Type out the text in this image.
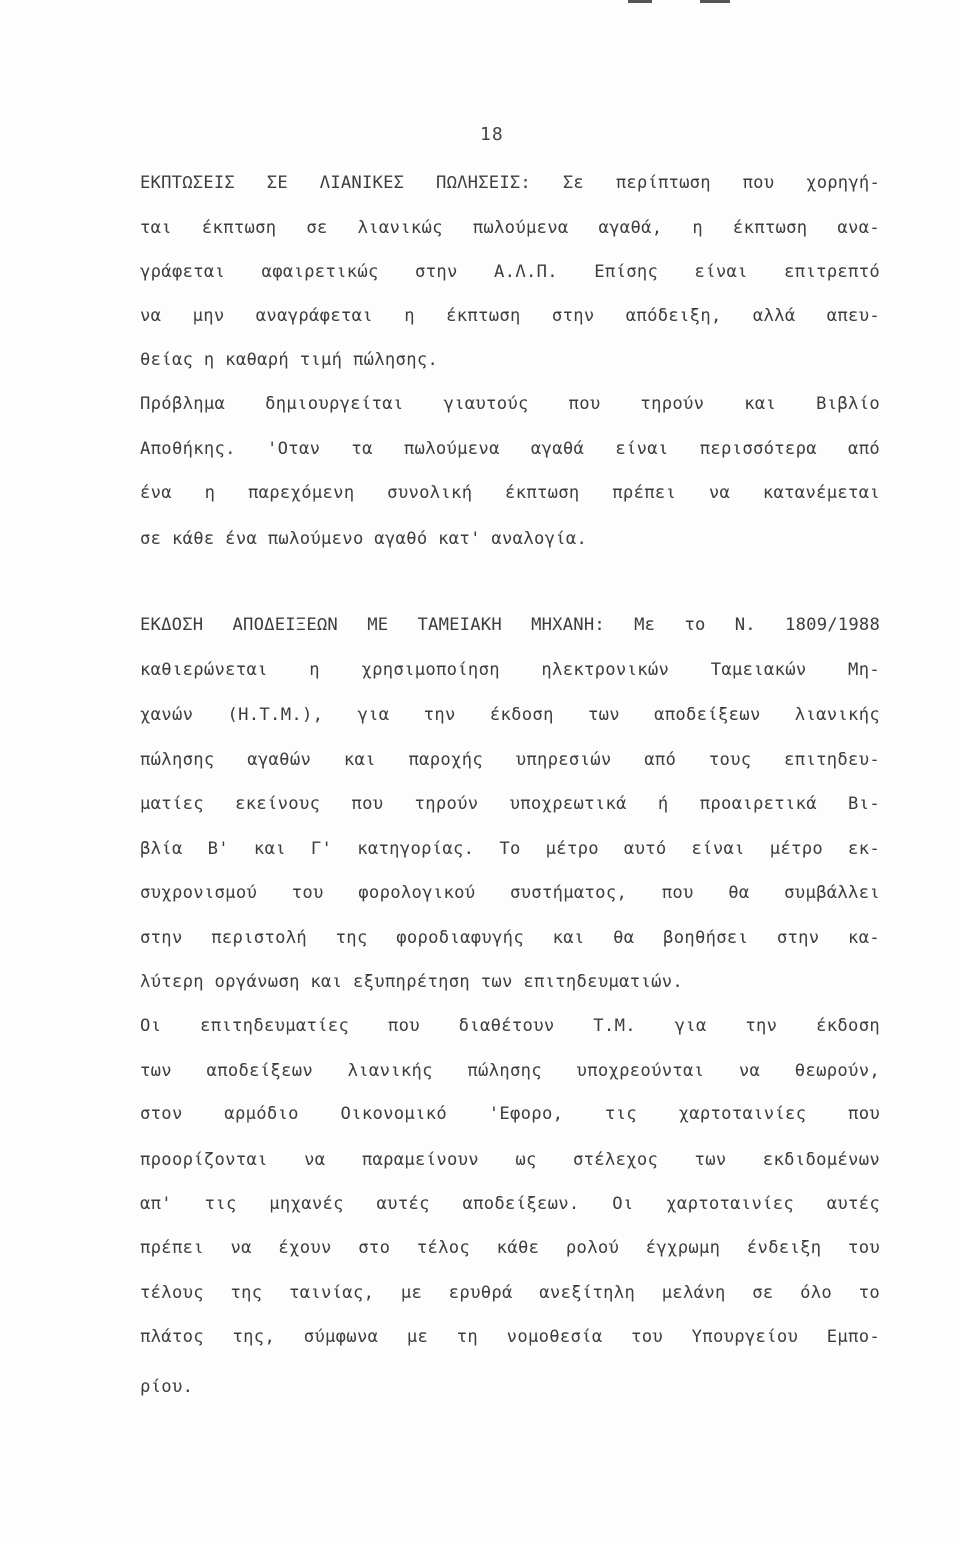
18
ΕΚΠΤΩΣΕΙΣ ΣΕ ΛΙΑΝΙΚΕΣ ΠΩΛΗΣΕΙΣ: Σε περίπτωση που χορηγή-
ται έκπτωση σε λιανικώς πωλούμενα αγαθά, η έκπτωση ανα-
γράφεται αφαιρετικώς στην Α.Λ.Π. Επίσης είναι επιτρεπτό
να μην αναγράφεται η έκπτωση στην απόδειξη, αλλά απευ-
θείας η καθαρή τιμή πώλησης.
Πρόβλημα δημιουργείται γιαυτούς που τηρούν και Βιβλίο
Αποθήκης. 'Οταν τα πωλούμενα αγαθά είναι περισσότερα από
ένα η παρεχόμενη συνολική έκπτωση πρέπει να κατανέμεται
σε κάθε ένα πωλούμενο αγαθό κατ' αναλογία.
ΕΚΔΟΣΗ ΑΠΟΔΕΙΞΕΩΝ ΜΕ ΤΑΜΕΙΑΚΗ ΜΗΧΑΝΗ: Με το Ν. 1809/1988
καθιερώνεται η χρησιμοποίηση ηλεκτρονικών Ταμειακών Μη-
χανών (Η.Τ.Μ.), για την έκδοση των αποδείξεων λιανικής
πώλησης αγαθών και παροχής υπηρεσιών από τους επιτηδευ-
ματίες εκείνους που τηρούν υποχρεωτικά ή προαιρετικά Βι-
βλία Β' και Γ' κατηγορίας. Το μέτρο αυτό είναι μέτρο εκ-
συχρονισμού του φορολογικού συστήματος, που θα συμβάλλει
στην περιστολή της φοροδιαφυγής και θα βοηθήσει στην κα-
λύτερη οργάνωση και εξυπηρέτηση των επιτηδευματιών.
Οι επιτηδευματίες που διαθέτουν Τ.Μ. για την έκδοση
των αποδείξεων λιανικής πώλησης υποχρεούνται να θεωρούν,
στον αρμόδιο Οικονομικό 'Εφορο, τις χαρτοταινίες που
προορίζονται να παραμείνουν ως στέλεχος των εκδιδομένων
απ' τις μηχανές αυτές αποδείξεων. Οι χαρτοταινίες αυτές
πρέπει να έχουν στο τέλος κάθε ρολού έγχρωμη ένδειξη του
τέλους της ταινίας, με ερυθρά ανεξίτηλη μελάνη σε όλο το
πλάτος της, σύμφωνα με τη νομοθεσία του Υπουργείου Εμπο-
ρίου.
